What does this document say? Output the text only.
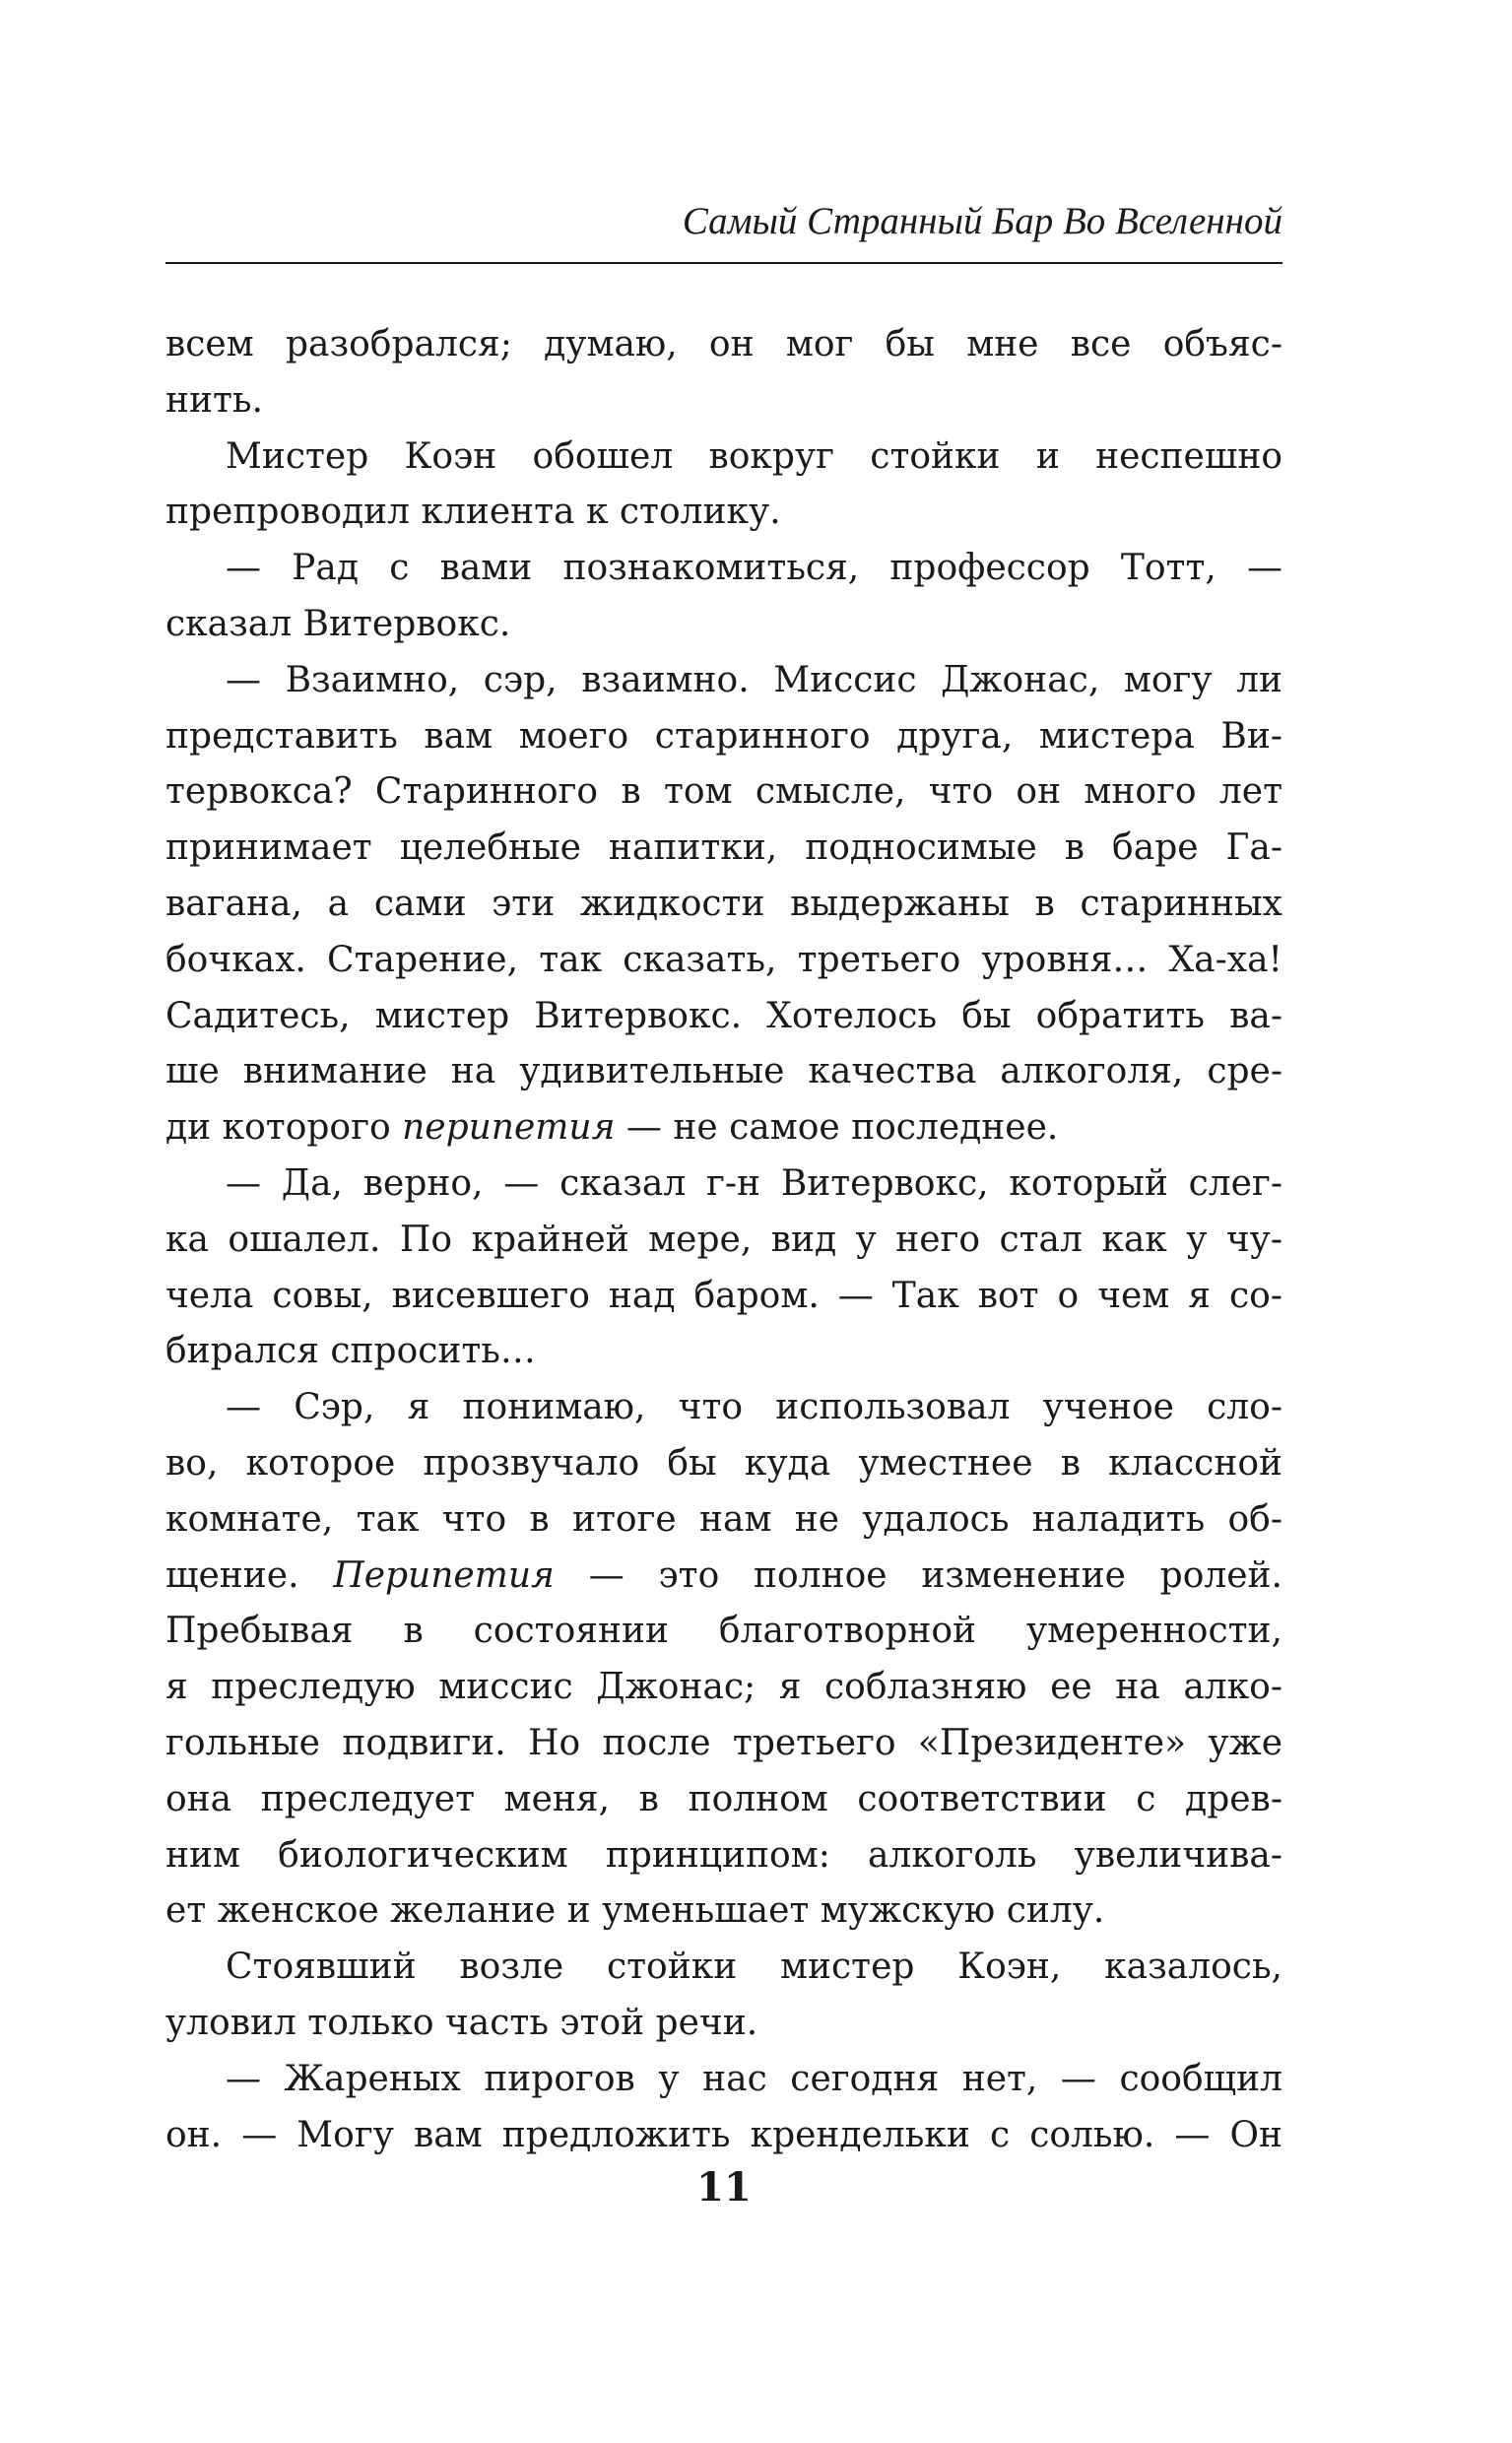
Самый Странный Бар Во Вселенной
всем разобрался; думаю, он мог бы мне все объяс-
нить.
Мистер Коэн обошел вокруг стойки и неспешно
препроводил клиента к столику.
— Рад с вами познакомиться, профессор Тотт, —
сказал Витервокс.
— Взаимно, сэр, взаимно. Миссис Джонас, могу ли
представить вам моего старинного друга, мистера Ви-
тервокса? Старинного в том смысле, что он много лет
принимает целебные напитки, подносимые в баре Га-
вагана, а сами эти жидкости выдержаны в старинных
бочках. Старение, так сказать, третьего уровня… Ха-ха!
Садитесь, мистер Витервокс. Хотелось бы обратить ва-
ше внимание на удивительные качества алкоголя, сре-
ди которого перипетия — не самое последнее.
— Да, верно, — сказал г-н Витервокс, который слег-
ка ошалел. По крайней мере, вид у него стал как у чу-
чела совы, висевшего над баром. — Так вот о чем я со-
бирался спросить…
— Сэр, я понимаю, что использовал ученое сло-
во, которое прозвучало бы куда уместнее в классной
комнате, так что в итоге нам не удалось наладить об-
щение. Перипетия — это полное изменение ролей.
Пребывая в состоянии благотворной умеренности,
я преследую миссис Джонас; я соблазняю ее на алко-
гольные подвиги. Но после третьего «Президенте» уже
она преследует меня, в полном соответствии с древ-
ним биологическим принципом: алкоголь увеличива-
ет женское желание и уменьшает мужскую силу.
Стоявший возле стойки мистер Коэн, казалось,
уловил только часть этой речи.
— Жареных пирогов у нас сегодня нет, — сообщил
он. — Могу вам предложить крендельки с солью. — Он
11
